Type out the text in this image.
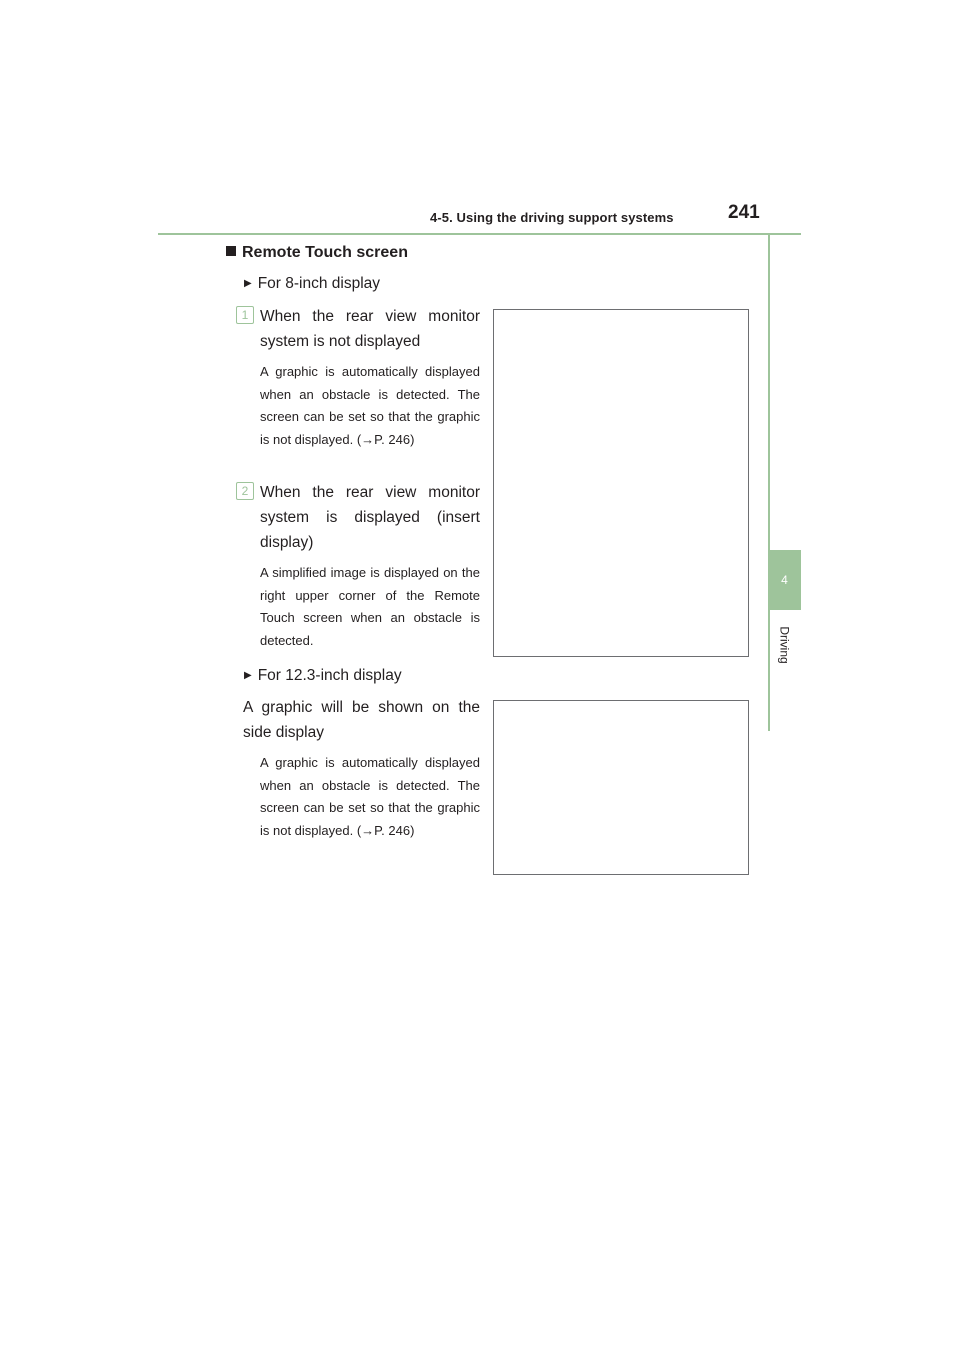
4-5. Using the driving support systems	241
4
Driving
Remote Touch screen
▶ For 8-inch display
1 When the rear view monitor system is not displayed
A graphic is automatically displayed when an obstacle is detected. The screen can be set so that the graphic is not displayed. (→P. 246)
2 When the rear view monitor system is displayed (insert display)
A simplified image is displayed on the right upper corner of the Remote Touch screen when an obstacle is detected.
▶ For 12.3-inch display
A graphic will be shown on the side display
A graphic is automatically displayed when an obstacle is detected. The screen can be set so that the graphic is not displayed. (→P. 246)
